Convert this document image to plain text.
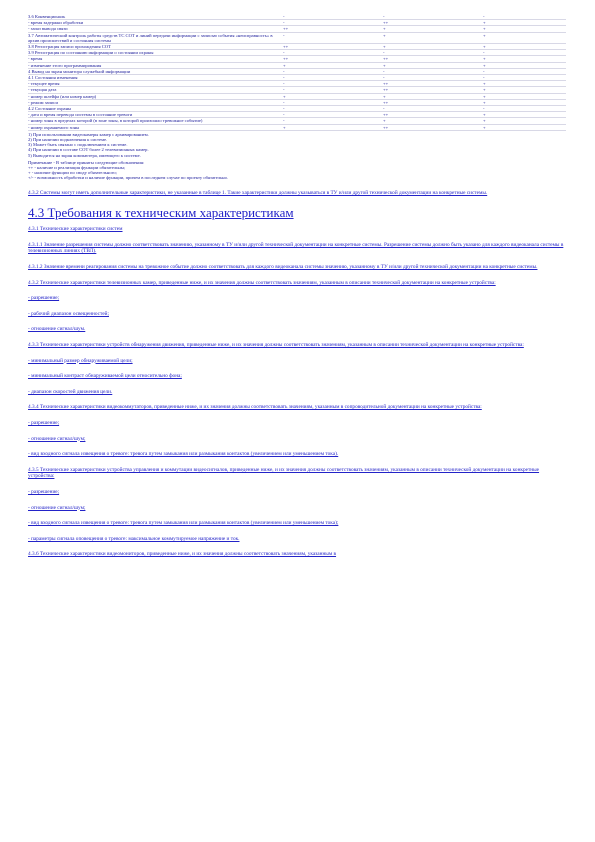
3.6 Конвенциональ	-	-	-
- время задержки обработки	-	++	+
- запаз вывода связи	++	+	+
3.7 Автоматический контроль работы средств ТС СОТ и линий передачи информации с записью события «неисправность» в архив происшествий и состояния системы	-	+	+
3.8 Регистрация записи прохождения СОТ	++	+	+
3.9 Регистрация по состоянию информации о состоянии охраны	-	-	-
- время	++	++	+
- изменение этого программирования	+	+	+
4 Вывод на экран монитора служебной информации	-	-	-
4.1 Состояния изменения	-	-	-
- текущее время	-	++	+
- текущая дата	-	++	+
- номер шлейфа (или номер камер)	+	+	+
- режим записи	-	++	+
4.2 Состояние охраны	-	-	-
- дата и время перевода системы в состояние тревоги	-	++	+
- номер зоны в пределах которой (в зоне зоны, в которой произошло тревожное событие)	-	+	+
- номер охраняемого зоны	+	++	+
1) При использовании видеокамеры камер с архивированием.
2) При наличии подключения к системе.
3) Может быть связано с подключением к системе.
4) При наличии в составе СОТ более 2 телевизионных камер.
5) Выводится на экран компьютера, имеющего к системе.
Примечание - В таблице приняты следующие обозначения:
++ - наличие и реализация функции обязательны;
+ - наличие функции по своду обязательного;
+/- - возможность обработки и наличие функции, причем в последнем случае по проекту обязательно.

4.3.2 Системы могут иметь дополнительные характеристики, не указанные в таблице 1. Такие характеристики должны указываться в ТУ и/или другой технической документации на конкретные системы.

4.3 Требования к техническим характеристикам

4.3.1 Технические характеристики систем

4.3.1.1 Значение разрешения системы должно соответствовать значению, указанному в ТУ и/или другой технической документации на конкретные системы. Разрешение системы должно быть указано для каждого видеоканала системы в телевизионных линиях (ТВЛ).

4.3.1.2 Значение времени реагирования системы на тревожное событие должно соответствовать для каждого видеоканала системы значению, указанному в ТУ и/или другой технической документации на конкретные системы.

4.3.2 Технические характеристики телевизионных камер, приведенные ниже, и их значения должны соответствовать значениям, указанным в описании технической документации на конкретные устройства:

- разрешение;

- рабочий диапазон освещенностей;

- отношение сигнал/шум.

4.3.3 Технические характеристики устройств обнаружения движения, приведенные ниже, и их значения должны соответствовать значениям, указанным в описании технической документации на конкретные устройства:

- минимальный размер обнаруживаемой цели;

- минимальный контраст обнаруживаемой цели относительно фона;

- диапазон скоростей движения цели.

4.3.4 Технические характеристики видеокоммутаторов, приведенные ниже, и их значения должны соответствовать значениям, указанным в сопроводительной документации на конкретные устройства:

- разрешение;

- отношение сигнал/шум;

- вид входного сигнала извещения о тревоге: тревога путем замыкания или размыкания контактов (увеличением или уменьшением тока).

4.3.5 Технические характеристики устройства управления и коммутации видеосигналов, приведенные ниже, и их значения должны соответствовать значениям, указанным в описании технической документации на конкретные устройства:

- разрешение;

- отношение сигнал/шум;

- вид входного сигнала извещения о тревоге: тревога путем замыкания или размыкания контактов (увеличением или уменьшением тока);

- параметры сигнала оповещения о тревоге: максимальное коммутируемое напряжение и ток.

4.3.6 Технические характеристики видеомониторов, приведенные ниже, и их значения должны соответствовать значениям, указанным в
